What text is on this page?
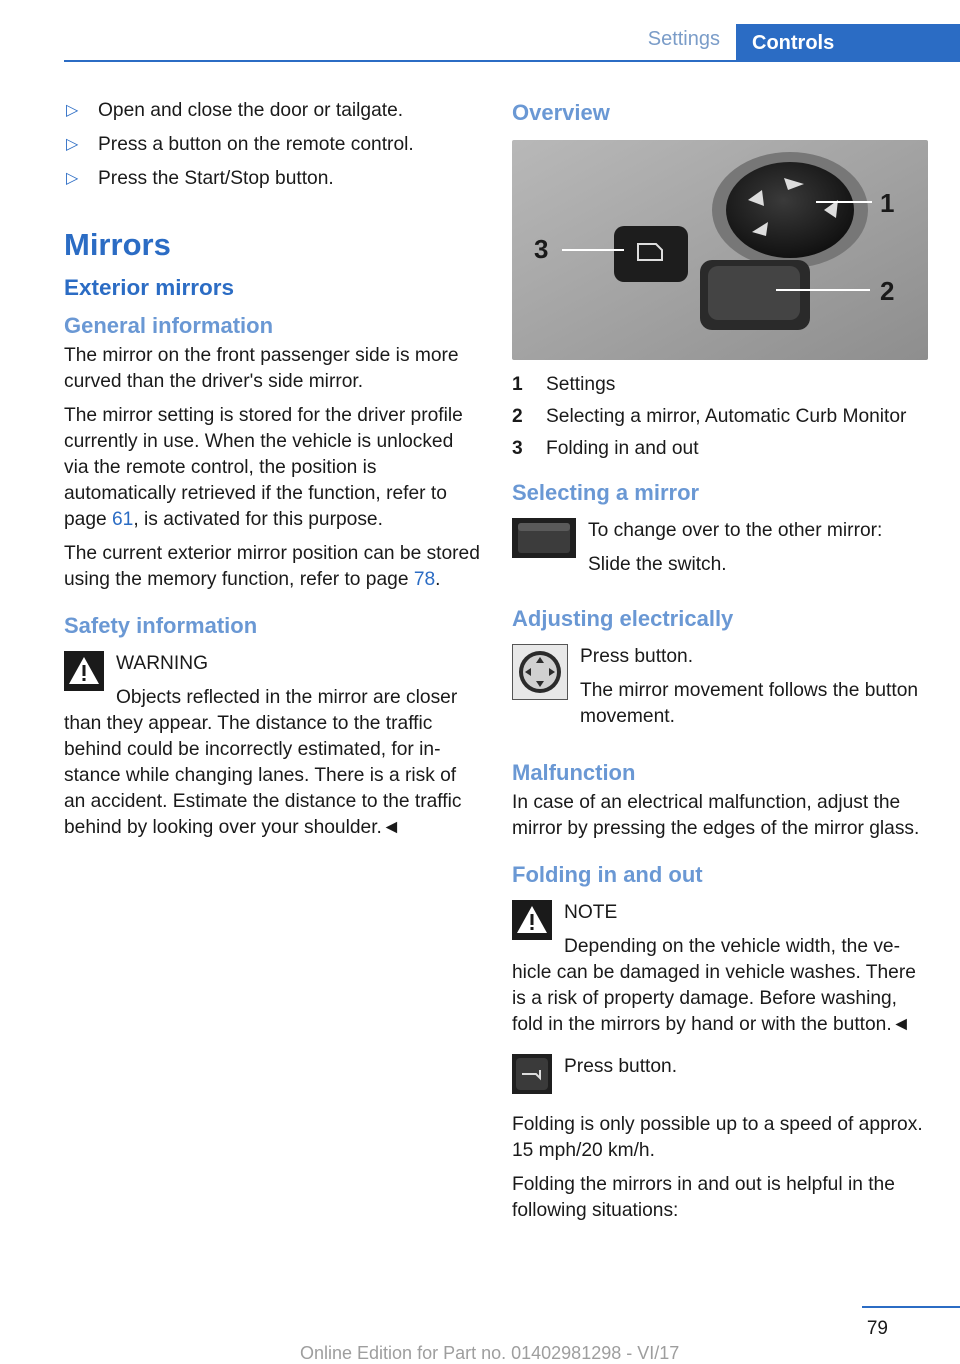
Settings	Controls
▷ Open and close the door or tailgate.
▷ Press a button on the remote control.
▷ Press the Start/Stop button.
Mirrors
Exterior mirrors
General information

The mirror on the front passenger side is more curved than the driver's side mirror.

The mirror setting is stored for the driver profile currently in use. When the vehicle is unlocked via the remote control, the position is automatically retrieved if the function, refer to page 61, is activated for this purpose.

The current exterior mirror position can be stored using the memory function, refer to page 78.

Safety information

WARNING

Objects reflected in the mirror are closer than they appear. The distance to the traffic behind could be incorrectly estimated, for instance while changing lanes. There is a risk of an accident. Estimate the distance to the traffic behind by looking over your shoulder.◄

Overview
3
1
2
1	Settings
2	Selecting a mirror, Automatic Curb Monitor
3	Folding in and out
Selecting a mirror

To change over to the other mirror:

Slide the switch.

Adjusting electrically

Press button.

The mirror movement follows the button movement.

Malfunction

In case of an electrical malfunction, adjust the mirror by pressing the edges of the mirror glass.

Folding in and out

NOTE

Depending on the vehicle width, the vehicle can be damaged in vehicle washes. There is a risk of property damage. Before washing, fold in the mirrors by hand or with the button.◄

Press button.

Folding is only possible up to a speed of approx. 15 mph/20 km/h.

Folding the mirrors in and out is helpful in the following situations:

79
Online Edition for Part no. 01402981298 - VI/17
